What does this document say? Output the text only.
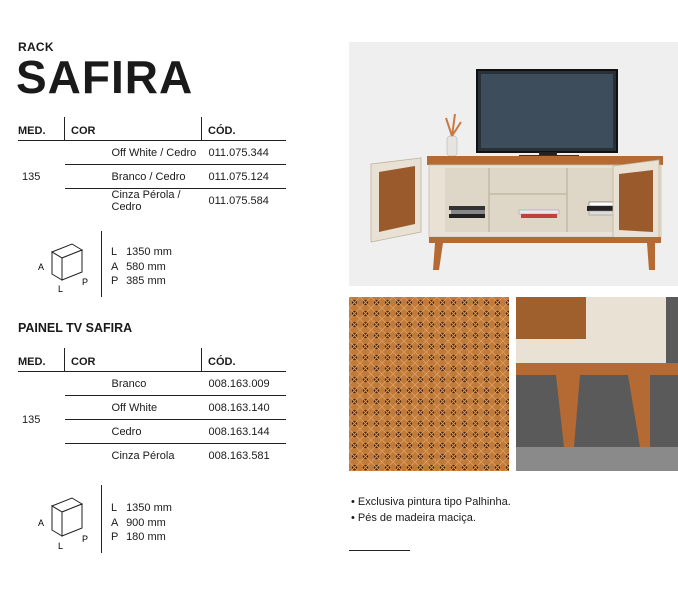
RACK
SAFIRA
MED.	COR	CÓD.
135	Off White / Cedro	011.075.344
	Branco / Cedro	011.075.124
	Cinza Pérola / Cedro	011.075.584
A
L
P
L 1350 mm
A 580 mm
P 385 mm
PAINEL TV SAFIRA
MED.	COR	CÓD.
135	Branco	008.163.009
	Off White	008.163.140
	Cedro	008.163.144
	Cinza Pérola	008.163.581
A
L
P
L 1350 mm
A 900 mm
P 180 mm
• Exclusiva pintura tipo Palhinha.
• Pés de madeira maciça.
